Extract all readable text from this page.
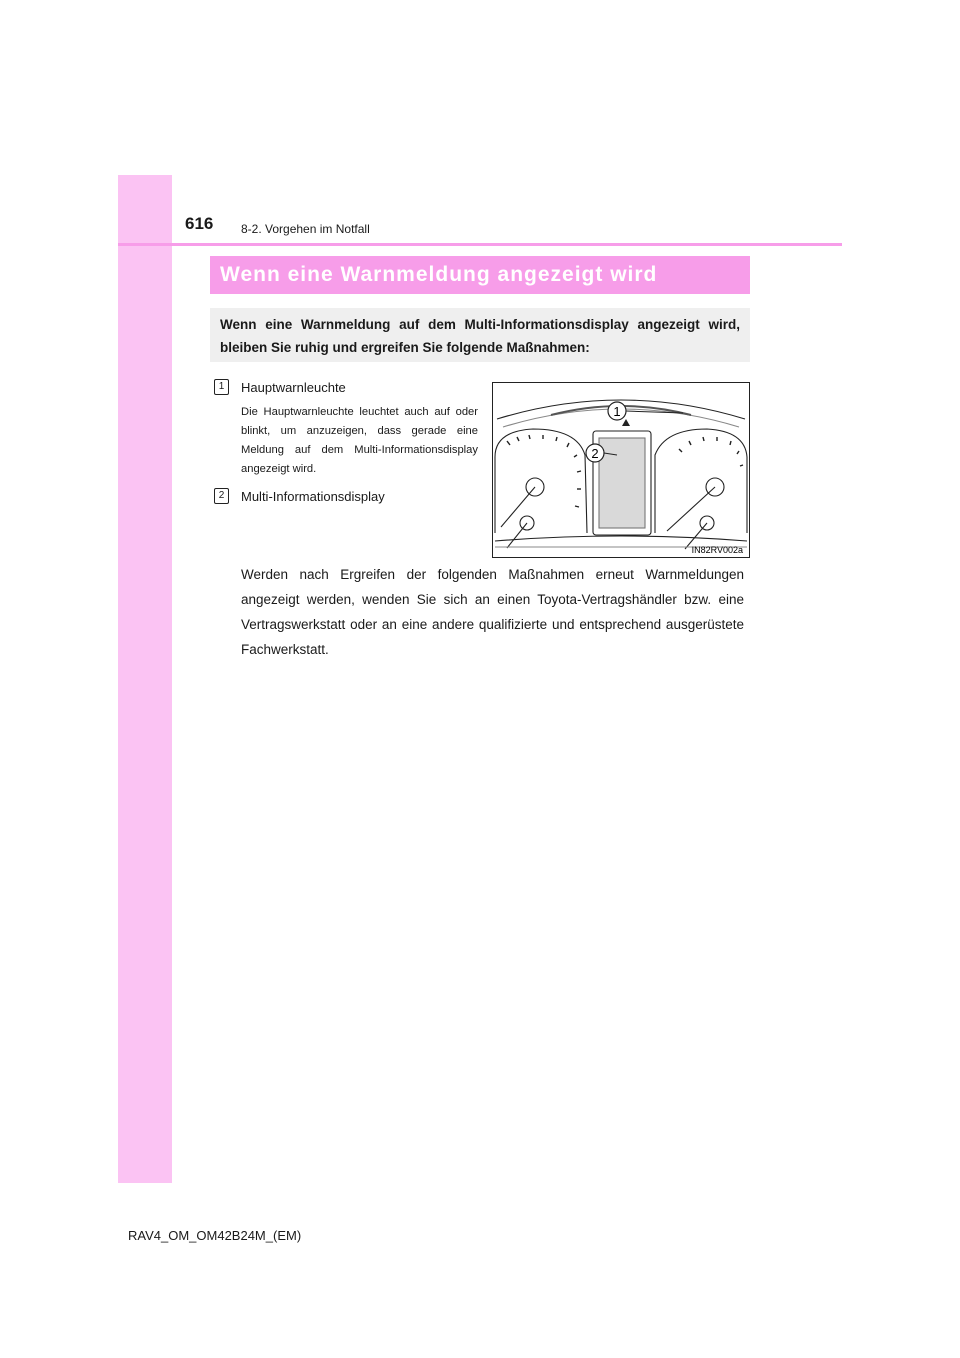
616 8-2. Vorgehen im Notfall
Wenn eine Warnmeldung angezeigt wird
Wenn eine Warnmeldung auf dem Multi-Informationsdisplay angezeigt wird, bleiben Sie ruhig und ergreifen Sie folgende Maßnahmen:
1	Hauptwarnleuchte
Die Hauptwarnleuchte leuchtet auch auf oder blinkt, um anzuzeigen, dass gerade eine Meldung auf dem Multi-Informationsdisplay angezeigt wird.
2	Multi-Informationsdisplay
1
2
IN82RV002a
Werden nach Ergreifen der folgenden Maßnahmen erneut Warnmeldungen angezeigt werden, wenden Sie sich an einen Toyota-Vertragshändler bzw. eine Vertragswerkstatt oder an eine andere qualifizierte und entsprechend ausgerüstete Fachwerkstatt.
RAV4_OM_OM42B24M_(EM)
